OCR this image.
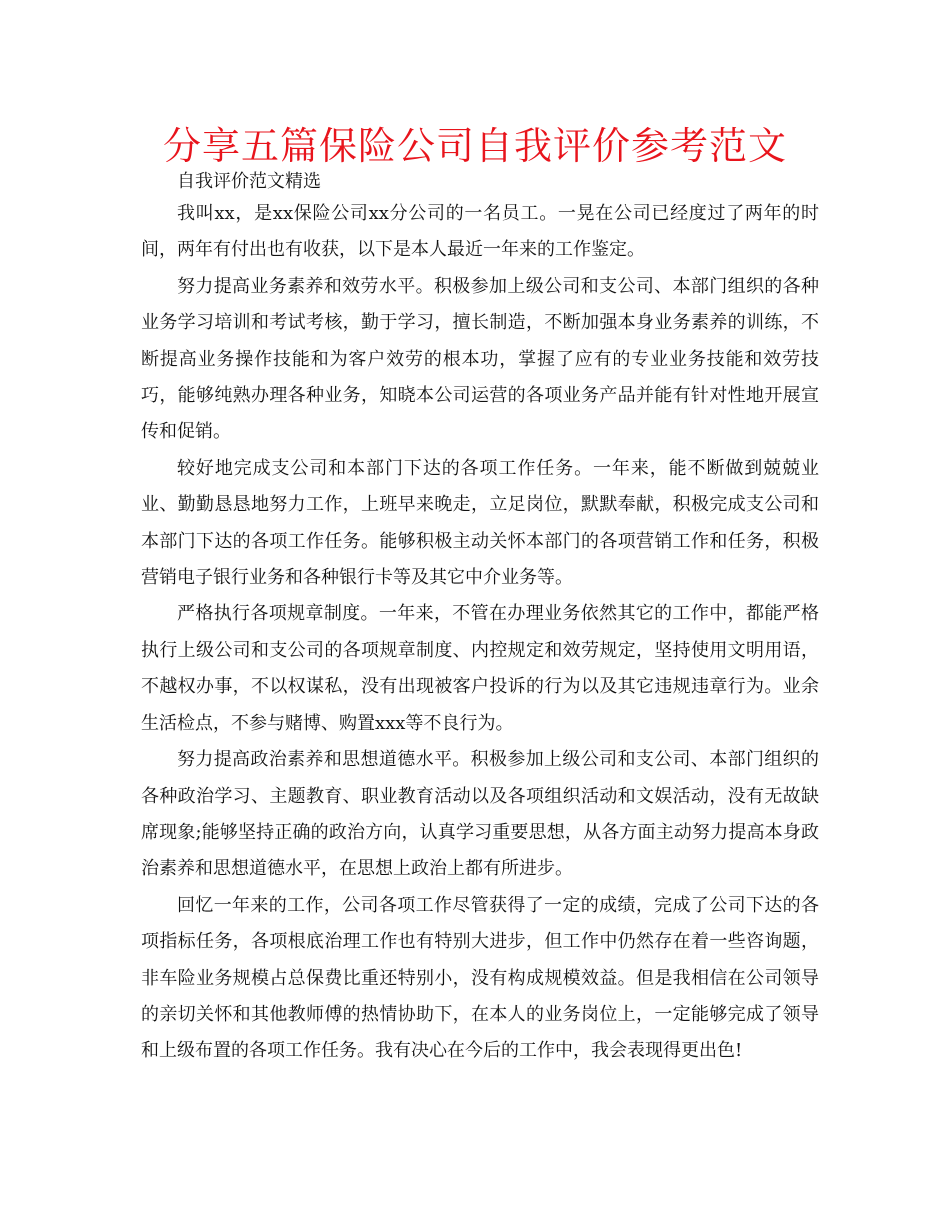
分享五篇保险公司自我评价参考范文
自我评价范文精选

我叫xx，是xx保险公司xx分公司的一名员工。一晃在公司已经度过了两年的时间，两年有付出也有收获，以下是本人最近一年来的工作鉴定。

努力提高业务素养和效劳水平。积极参加上级公司和支公司、本部门组织的各种业务学习培训和考试考核，勤于学习，擅长制造，不断加强本身业务素养的训练，不断提高业务操作技能和为客户效劳的根本功，掌握了应有的专业业务技能和效劳技巧，能够纯熟办理各种业务，知晓本公司运营的各项业务产品并能有针对性地开展宣传和促销。

较好地完成支公司和本部门下达的各项工作任务。一年来，能不断做到兢兢业业、勤勤恳恳地努力工作，上班早来晚走，立足岗位，默默奉献，积极完成支公司和本部门下达的各项工作任务。能够积极主动关怀本部门的各项营销工作和任务，积极营销电子银行业务和各种银行卡等及其它中介业务等。

严格执行各项规章制度。一年来，不管在办理业务依然其它的工作中，都能严格执行上级公司和支公司的各项规章制度、内控规定和效劳规定，坚持使用文明用语，不越权办事，不以权谋私，没有出现被客户投诉的行为以及其它违规违章行为。业余生活检点，不参与赌博、购置xxx等不良行为。

努力提高政治素养和思想道德水平。积极参加上级公司和支公司、本部门组织的各种政治学习、主题教育、职业教育活动以及各项组织活动和文娱活动，没有无故缺席现象;能够坚持正确的政治方向，认真学习重要思想，从各方面主动努力提高本身政治素养和思想道德水平，在思想上政治上都有所进步。

回忆一年来的工作，公司各项工作尽管获得了一定的成绩，完成了公司下达的各项指标任务，各项根底治理工作也有特别大进步，但工作中仍然存在着一些咨询题，非车险业务规模占总保费比重还特别小，没有构成规模效益。但是我相信在公司领导的亲切关怀和其他教师傅的热情协助下，在本人的业务岗位上，一定能够完成了领导和上级布置的各项工作任务。我有决心在今后的工作中，我会表现得更出色!
